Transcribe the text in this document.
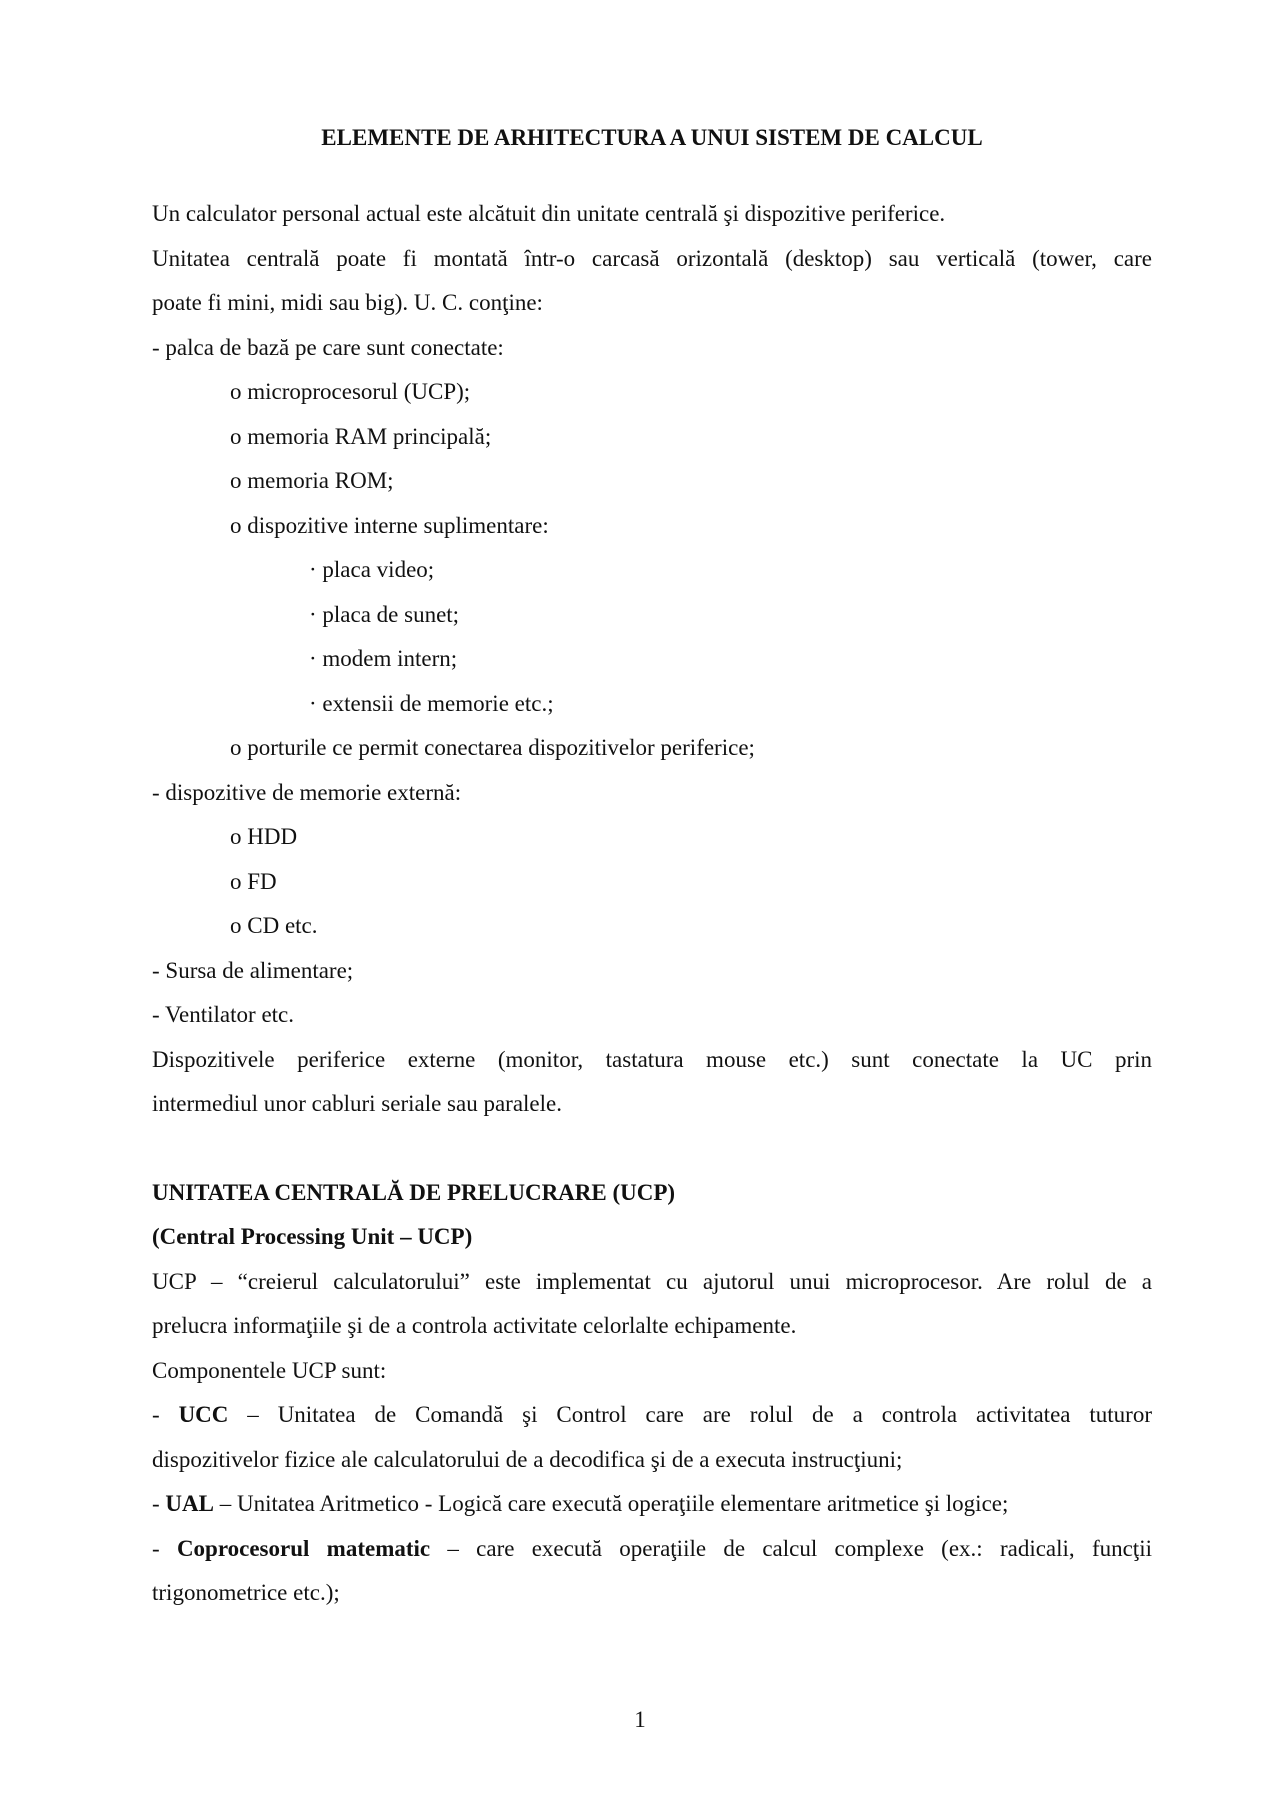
ELEMENTE DE ARHITECTURA A UNUI SISTEM DE CALCUL

Un calculator personal actual este alcătuit din unitate centrală şi dispozitive periferice.

Unitatea centrală poate fi montată într-o carcasă orizontală (desktop) sau verticală (tower, care

poate fi mini, midi sau big). U. C. conţine:

- palca de bază pe care sunt conectate:

o microprocesorul (UCP);

o memoria RAM principală;

o memoria ROM;

o dispozitive interne suplimentare:

· placa video;

· placa de sunet;

· modem intern;

· extensii de memorie etc.;

o porturile ce permit conectarea dispozitivelor periferice;

- dispozitive de memorie externă:

o HDD

o FD

o CD etc.

- Sursa de alimentare;

- Ventilator etc.

Dispozitivele periferice externe (monitor, tastatura mouse etc.) sunt conectate la UC prin

intermediul unor cabluri seriale sau paralele.

UNITATEA CENTRALĂ DE PRELUCRARE (UCP)

(Central Processing Unit – UCP)

UCP – “creierul calculatorului” este implementat cu ajutorul unui microprocesor. Are rolul de a

prelucra informaţiile şi de a controla activitate celorlalte echipamente.

Componentele UCP sunt:

- UCC – Unitatea de Comandă şi Control care are rolul de a controla activitatea tuturor

dispozitivelor fizice ale calculatorului de a decodifica şi de a executa instrucţiuni;

- UAL – Unitatea Aritmetico - Logică care execută operaţiile elementare aritmetice şi logice;

- Coprocesorul matematic – care execută operaţiile de calcul complexe (ex.: radicali, funcţii

trigonometrice etc.);

1
